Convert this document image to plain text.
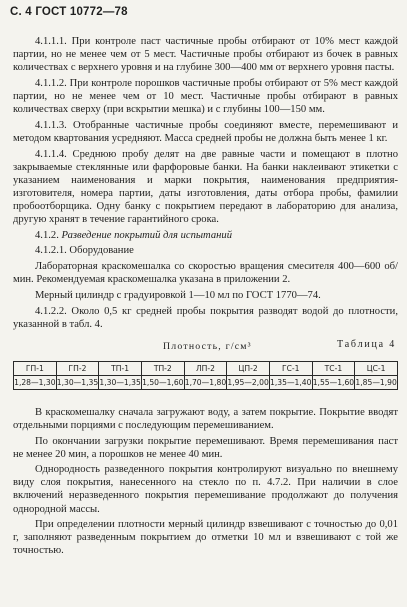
С. 4 ГОСТ 10772—78

4.1.1.1. При контроле паст частичные пробы отбирают от 10% мест каждой партии, но не менее чем от 5 мест. Частичные пробы отбирают из бочек в равных количествах с верхнего уровня и на глубине 300—400 мм от верхнего уровня пасты.

4.1.1.2. При контроле порошков частичные пробы отбирают от 5% мест каждой партии, но не менее чем от 10 мест. Частичные пробы отбирают в равных количествах сверху (при вскрытии мешка) и с глубины 100—150 мм.

4.1.1.3. Отобранные частичные пробы соединяют вместе, перемешивают и методом квартования усредняют. Масса средней пробы не должна быть менее 1 кг.

4.1.1.4. Среднюю пробу делят на две равные части и помещают в плотно закрываемые стеклянные или фарфоровые банки. На банки наклеивают этикетки с указанием наименования и марки покрытия, наименования предприятия-изготовителя, номера партии, даты изготовления, даты отбора пробы, фамилии пробоотборщика. Одну банку с покрытием передают в лабораторию для анализа, другую хранят в течение гарантийного срока.

4.1.2. Разведение покрытий для испытаний

4.1.2.1. Оборудование

Лабораторная краскомешалка со скоростью вращения смесителя 400—600 об/мин. Рекомендуемая краскомешалка указана в приложении 2.

Мерный цилиндр с градуировкой 1—10 мл по ГОСТ 1770—74.

4.1.2.2. Около 0,5 кг средней пробы покрытия разводят водой до плотности, указанной в табл. 4.

Плотность, г/см³	Таблица 4
ГП-1	ГП-2	ТП-1	ТП-2	ЛП-2	ЦП-2	ГС-1	ТС-1	ЦС-1
1,28—1,30	1,30—1,35	1,30—1,35	1,50—1,60	1,70—1,80	1,95—2,00	1,35—1,40	1,55—1,60	1,85—1,90

В краскомешалку сначала загружают воду, а затем покрытие. Покрытие вводят отдельными порциями с последующим перемешиванием.

По окончании загрузки покрытие перемешивают. Время перемешивания паст не менее 20 мин, а порошков не менее 40 мин.

Однородность разведенного покрытия контролируют визуально по внешнему виду слоя покрытия, нанесенного на стекло по п. 4.7.2. При наличии в слое включений неразведенного покрытия перемешивание продолжают до получения однородной массы.

При определении плотности мерный цилиндр взвешивают с точностью до 0,01 г, заполняют разведенным покрытием до отметки 10 мл и взвешивают с той же точностью.
